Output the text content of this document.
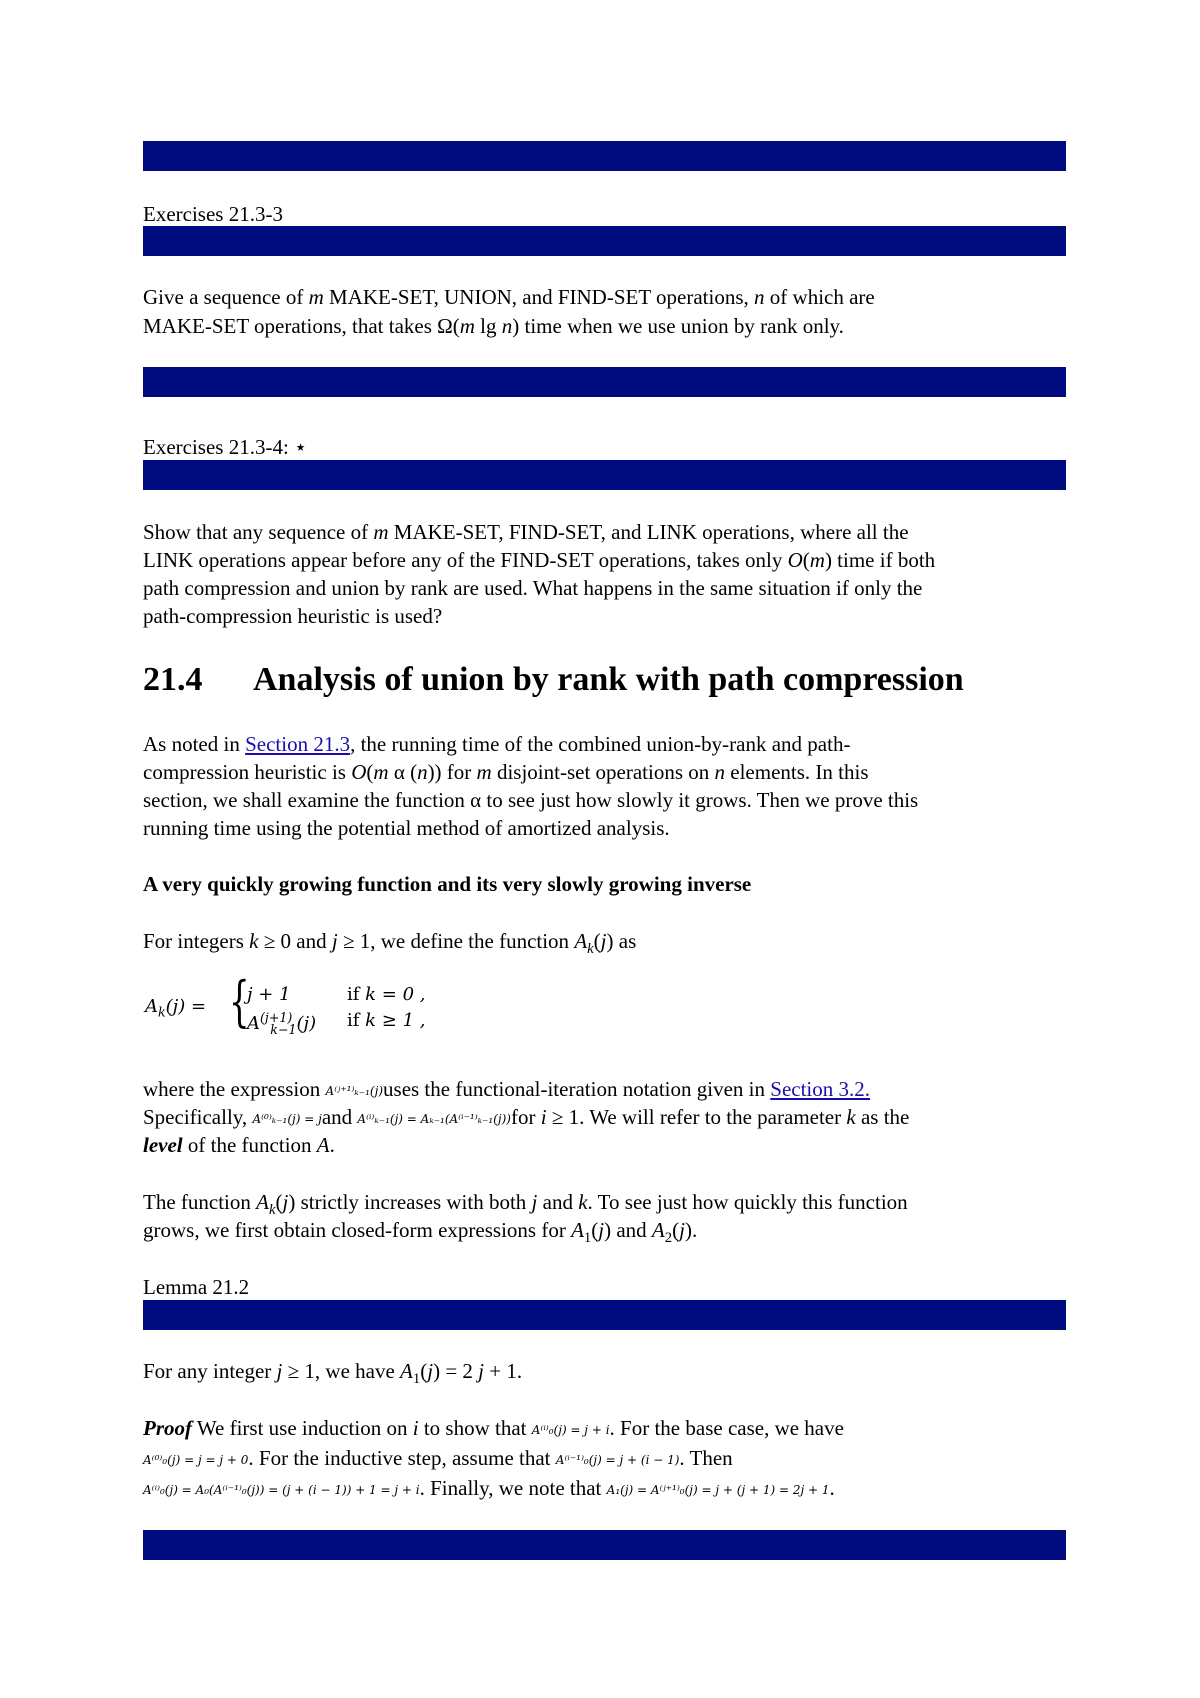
Exercises 21.3-3
Give a sequence of m MAKE-SET, UNION, and FIND-SET operations, n of which are
MAKE-SET operations, that takes Ω(m lg n) time when we use union by rank only.
Exercises 21.3-4: ⋆
Show that any sequence of m MAKE-SET, FIND-SET, and LINK operations, where all the
LINK operations appear before any of the FIND-SET operations, takes only O(m) time if both
path compression and union by rank are used. What happens in the same situation if only the
path-compression heuristic is used?
21.4 Analysis of union by rank with path compression
As noted in Section 21.3, the running time of the combined union-by-rank and path-
compression heuristic is O(m α (n)) for m disjoint-set operations on n elements. In this
section, we shall examine the function α to see just how slowly it grows. Then we prove this
running time using the potential method of amortized analysis.
A very quickly growing function and its very slowly growing inverse
For integers k ≥ 0 and j ≥ 1, we define the function $A_k(j)$ as
$A_k(j)$ = {
j + 1
$A^{(j+1)}_{k-1}(j)$
if k = 0 ,
if k ≥ 1 ,
where the expression A⁽ʲ⁺¹⁾ₖ₋₁(j)uses the functional-iteration notation given in Section 3.2.
Specifically, A⁽⁰⁾ₖ₋₁(j) = jand A⁽ⁱ⁾ₖ₋₁(j) = Aₖ₋₁(A⁽ⁱ⁻¹⁾ₖ₋₁(j))for i ≥ 1. We will refer to the parameter k as the
level of the function A.
The function $A_k(j)$ strictly increases with both j and k. To see just how quickly this function
grows, we first obtain closed-form expressions for $A_1(j)$ and $A_2(j)$.
Lemma 21.2
For any integer j ≥ 1, we have $A_1(j) = 2$ j + 1.
Proof We first use induction on i to show that A⁽ⁱ⁾₀(j) = j + i. For the base case, we have
A⁽⁰⁾₀(j) = j = j + 0. For the inductive step, assume that A⁽ⁱ⁻¹⁾₀(j) = j + (i − 1). Then
A⁽ⁱ⁾₀(j) = A₀(A⁽ⁱ⁻¹⁾₀(j)) = (j + (i − 1)) + 1 = j + i. Finally, we note that A₁(j) = A⁽ʲ⁺¹⁾₀(j) = j + (j + 1) = 2j + 1.
